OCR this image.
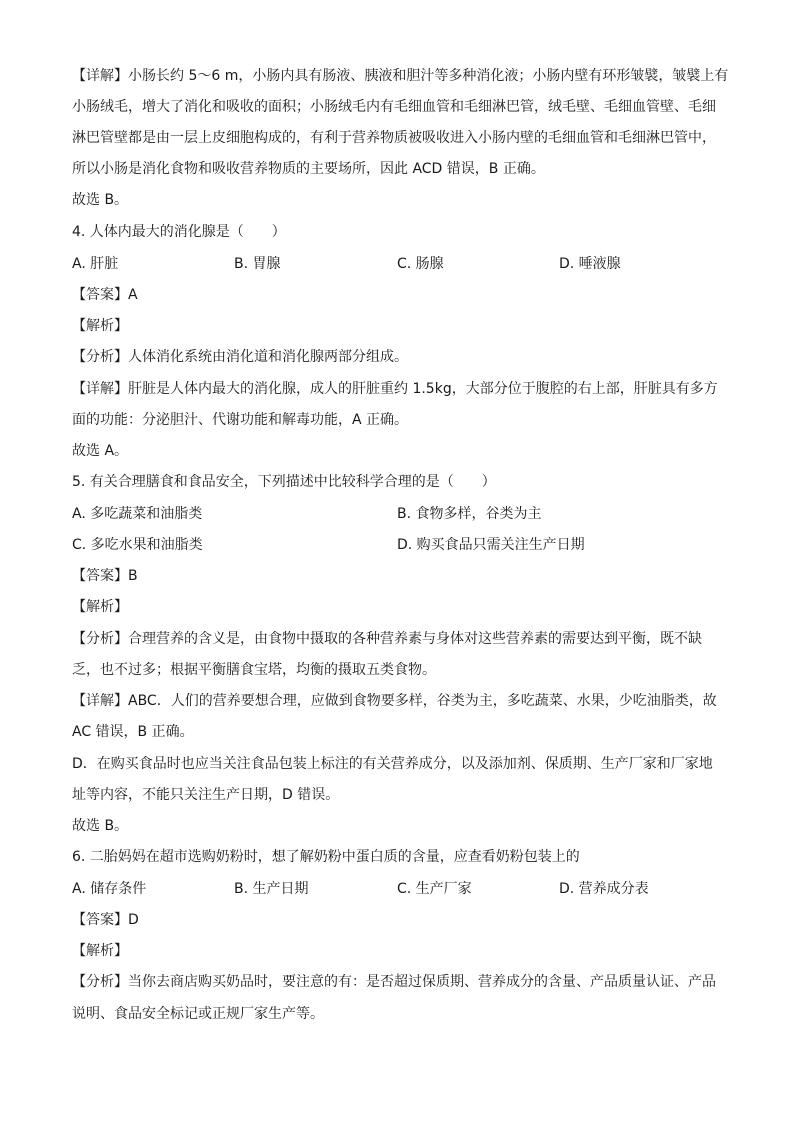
【详解】小肠长约 5～6 m，小肠内具有肠液、胰液和胆汁等多种消化液；小肠内壁有环形皱襞，皱襞上有
小肠绒毛，增大了消化和吸收的面积；小肠绒毛内有毛细血管和毛细淋巴管，绒毛壁、毛细血管壁、毛细
淋巴管壁都是由一层上皮细胞构成的，有利于营养物质被吸收进入小肠内壁的毛细血管和毛细淋巴管中，
所以小肠是消化食物和吸收营养物质的主要场所，因此 ACD 错误，B 正确。
故选 B。
4. 人体内最大的消化腺是（　　）
A. 肝脏	B. 胃腺	C. 肠腺	D. 唾液腺
【答案】A
【解析】
【分析】人体消化系统由消化道和消化腺两部分组成。
【详解】肝脏是人体内最大的消化腺，成人的肝脏重约 1.5kg，大部分位于腹腔的右上部，肝脏具有多方
面的功能：分泌胆汁、代谢功能和解毒功能，A 正确。
故选 A。
5. 有关合理膳食和食品安全，下列描述中比较科学合理的是（　　）
A. 多吃蔬菜和油脂类	B. 食物多样，谷类为主
C. 多吃水果和油脂类	D. 购买食品只需关注生产日期
【答案】B
【解析】
【分析】合理营养的含义是，由食物中摄取的各种营养素与身体对这些营养素的需要达到平衡，既不缺
乏，也不过多；根据平衡膳食宝塔，均衡的摄取五类食物。
【详解】ABC．人们的营养要想合理，应做到食物要多样，谷类为主，多吃蔬菜、水果，少吃油脂类，故
AC 错误，B 正确。
D．在购买食品时也应当关注食品包装上标注的有关营养成分，以及添加剂、保质期、生产厂家和厂家地
址等内容，不能只关注生产日期，D 错误。
故选 B。
6. 二胎妈妈在超市选购奶粉时，想了解奶粉中蛋白质的含量，应查看奶粉包装上的
A. 储存条件	B. 生产日期	C. 生产厂家	D. 营养成分表
【答案】D
【解析】
【分析】当你去商店购买奶品时，要注意的有：是否超过保质期、营养成分的含量、产品质量认证、产品
说明、食品安全标记或正规厂家生产等。
